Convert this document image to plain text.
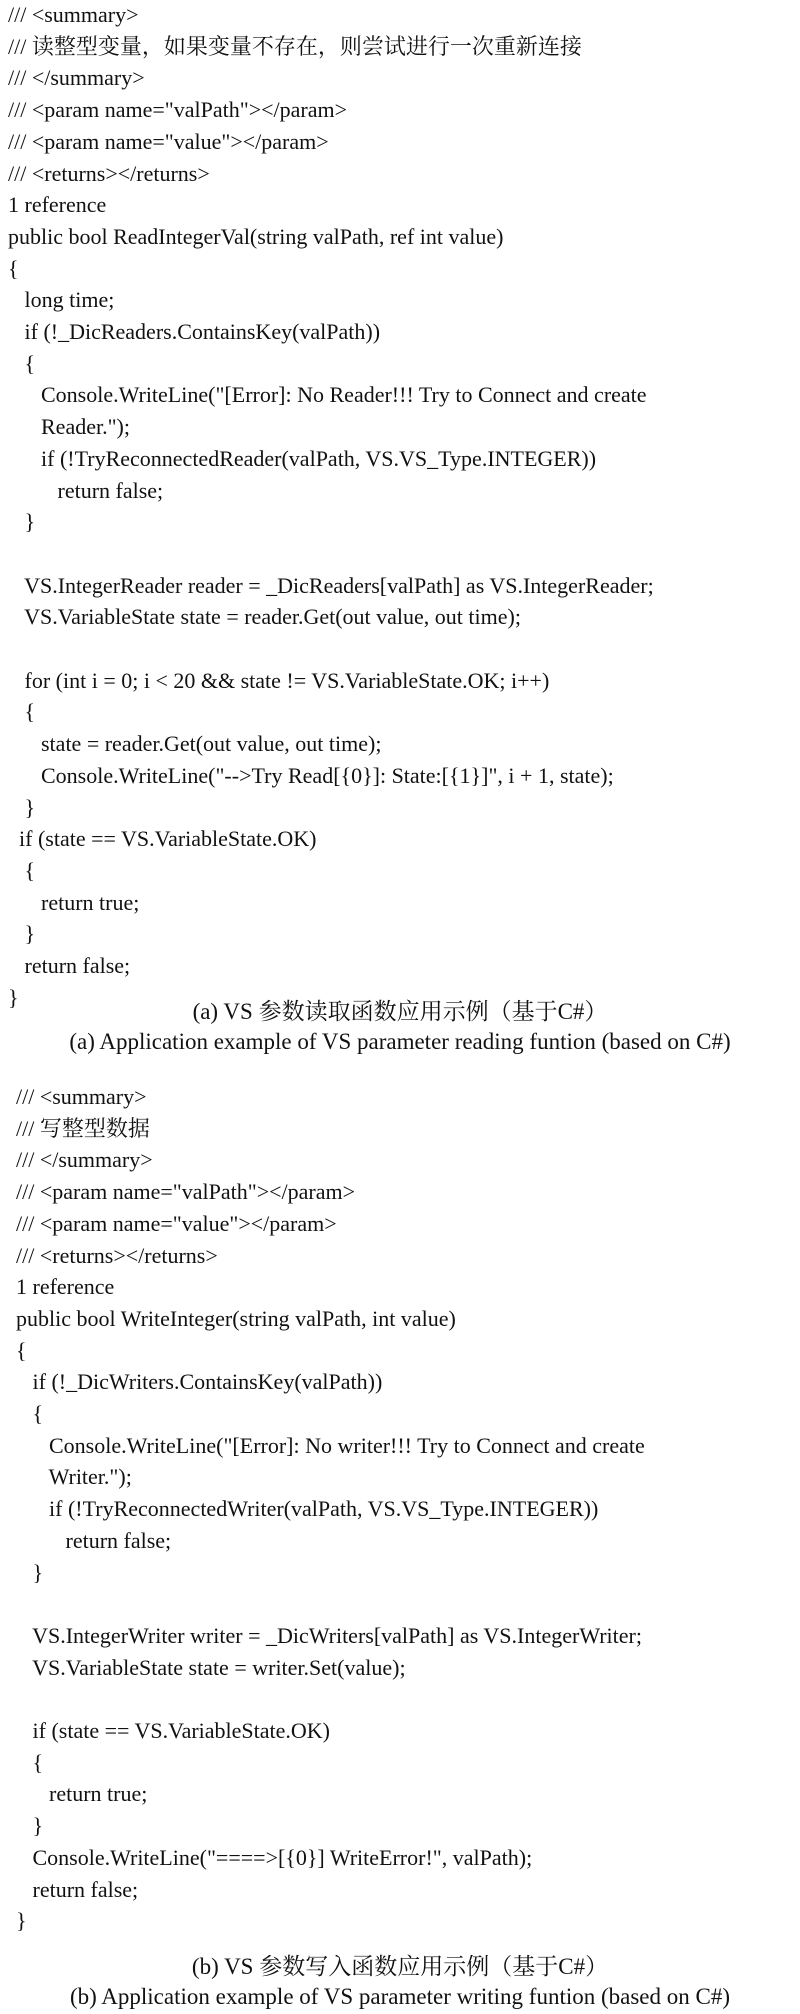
/// <summary>
/// 读整型变量，如果变量不存在，则尝试进行一次重新连接
/// </summary>
/// <param name="valPath"></param>
/// <param name="value"></param>
/// <returns></returns>
1 reference
public bool ReadIntegerVal(string valPath, ref int value)
{
long time;
if (!_DicReaders.ContainsKey(valPath))
{
Console.WriteLine("[Error]: No Reader!!! Try to Connect and create
Reader.");
if (!TryReconnectedReader(valPath, VS.VS_Type.INTEGER))
return false;
}
VS.IntegerReader reader = _DicReaders[valPath] as VS.IntegerReader;
VS.VariableState state = reader.Get(out value, out time);
for (int i = 0; i < 20 && state != VS.VariableState.OK; i++)
{
state = reader.Get(out value, out time);
Console.WriteLine("-->Try Read[{0}]: State:[{1}]", i + 1, state);
}
if (state == VS.VariableState.OK)
{
return true;
}
return false;
}
(a) VS 参数读取函数应用示例（基于C#）
(a) Application example of VS parameter reading funtion (based on C#)
/// <summary>
/// 写整型数据
/// </summary>
/// <param name="valPath"></param>
/// <param name="value"></param>
/// <returns></returns>
1 reference
public bool WriteInteger(string valPath, int value)
{
if (!_DicWriters.ContainsKey(valPath))
{
Console.WriteLine("[Error]: No writer!!! Try to Connect and create
Writer.");
if (!TryReconnectedWriter(valPath, VS.VS_Type.INTEGER))
return false;
}
VS.IntegerWriter writer = _DicWriters[valPath] as VS.IntegerWriter;
VS.VariableState state = writer.Set(value);
if (state == VS.VariableState.OK)
{
return true;
}
Console.WriteLine("====>[{0}] WriteError!", valPath);
return false;
}
(b) VS 参数写入函数应用示例（基于C#）
(b) Application example of VS parameter writing funtion (based on C#)
